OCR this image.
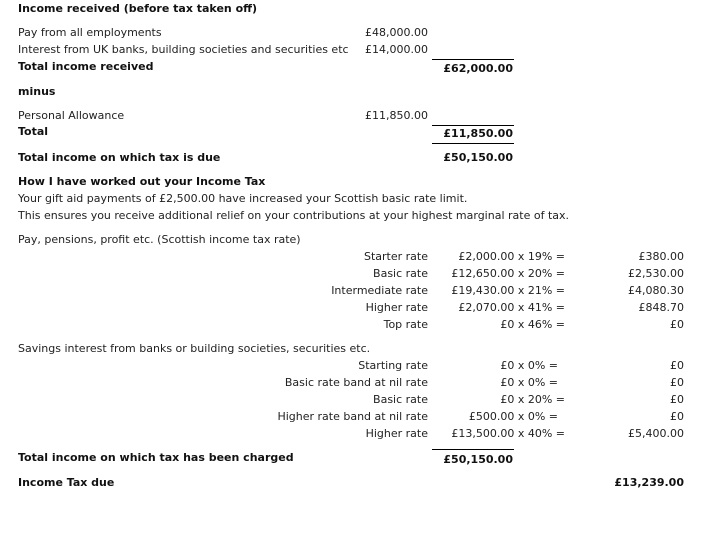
Income received (before tax taken off)
Pay from all employments	£48,000.00
Interest from UK banks, building societies and securities etc	£14,000.00
Total income received	£62,000.00
minus
Personal Allowance	£11,850.00
Total	£11,850.00
Total income on which tax is due	£50,150.00
How I have worked out your Income Tax
Your gift aid payments of £2,500.00 have increased your Scottish basic rate limit.
This ensures you receive additional relief on your contributions at your highest marginal rate of tax.
Pay, pensions, profit etc. (Scottish income tax rate)
Starter rate	£2,000.00 x 19% =	£380.00
Basic rate	£12,650.00 x 20% =	£2,530.00
Intermediate rate	£19,430.00 x 21% =	£4,080.30
Higher rate	£2,070.00 x 41% =	£848.70
Top rate	£0 x 46% =	£0
Savings interest from banks or building societies, securities etc.
Starting rate	£0 x 0% =	£0
Basic rate band at nil rate	£0 x 0% =	£0
Basic rate	£0 x 20% =	£0
Higher rate band at nil rate	£500.00 x 0% =	£0
Higher rate	£13,500.00 x 40% =	£5,400.00
Total income on which tax has been charged	£50,150.00
Income Tax due	£13,239.00
